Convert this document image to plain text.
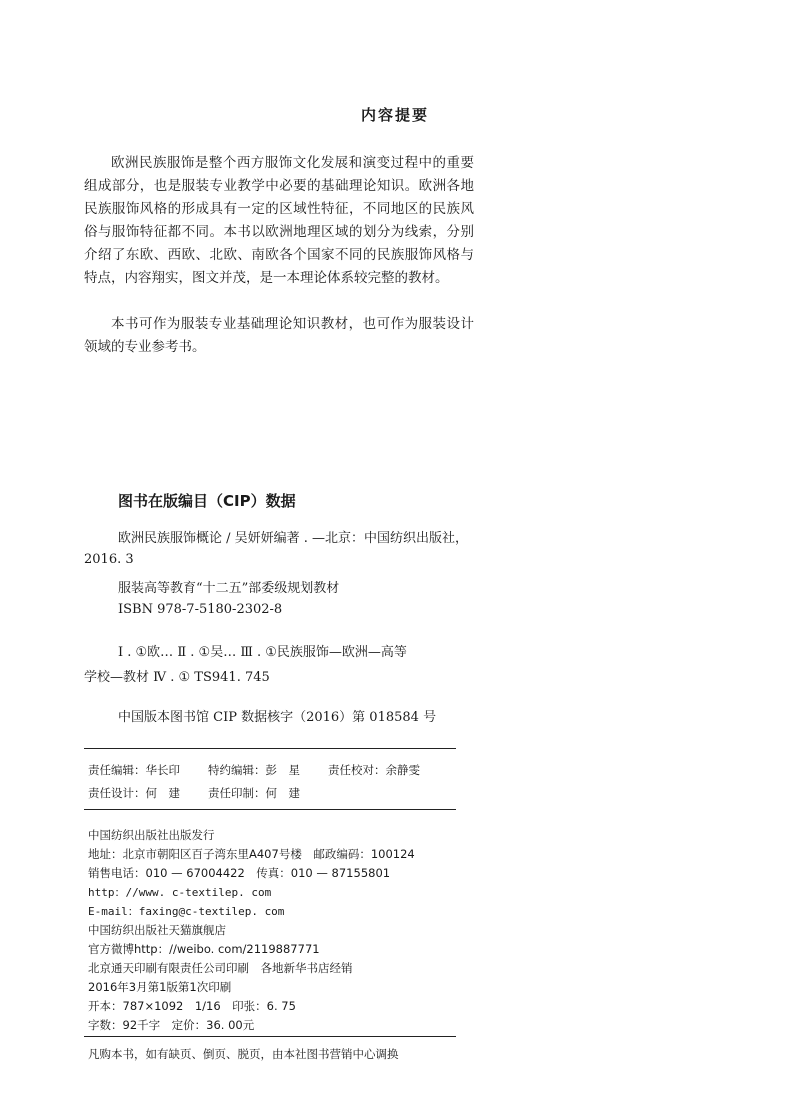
内容提要
欧洲民族服饰是整个西方服饰文化发展和演变过程中的重要组成部分，也是服装专业教学中必要的基础理论知识。欧洲各地民族服饰风格的形成具有一定的区域性特征，不同地区的民族风俗与服饰特征都不同。本书以欧洲地理区域的划分为线索，分别介绍了东欧、西欧、北欧、南欧各个国家不同的民族服饰风格与特点，内容翔实，图文并茂，是一本理论体系较完整的教材。
本书可作为服装专业基础理论知识教材，也可作为服装设计领域的专业参考书。
图书在版编目（CIP）数据
欧洲民族服饰概论 / 吴妍妍编著 . —北京：中国纺织出版社，
2016. 3
服装高等教育“十二五”部委级规划教材
ISBN 978-7-5180-2302-8
Ⅰ . ①欧… Ⅱ . ①吴… Ⅲ . ①民族服饰—欧洲—高等
学校—教材 Ⅳ . ① TS941. 745
中国版本图书馆 CIP 数据核字（2016）第 018584 号
责任编辑：华长印 特约编辑：彭　星 责任校对：余静雯
责任设计：何　建 责任印制：何　建
中国纺织出版社出版发行
地址：北京市朝阳区百子湾东里A407号楼　邮政编码：100124
销售电话：010 — 67004422　传真：010 — 87155801
http：//www. c-textilep. com
E-mail：faxing@c-textilep. com
中国纺织出版社天猫旗舰店
官方微博http：//weibo. com/2119887771
北京通天印刷有限责任公司印刷　各地新华书店经销
2016年3月第1版第1次印刷
开本：787×1092　1/16　印张：6. 75
字数：92千字　定价：36. 00元
凡购本书，如有缺页、倒页、脱页，由本社图书营销中心调换
